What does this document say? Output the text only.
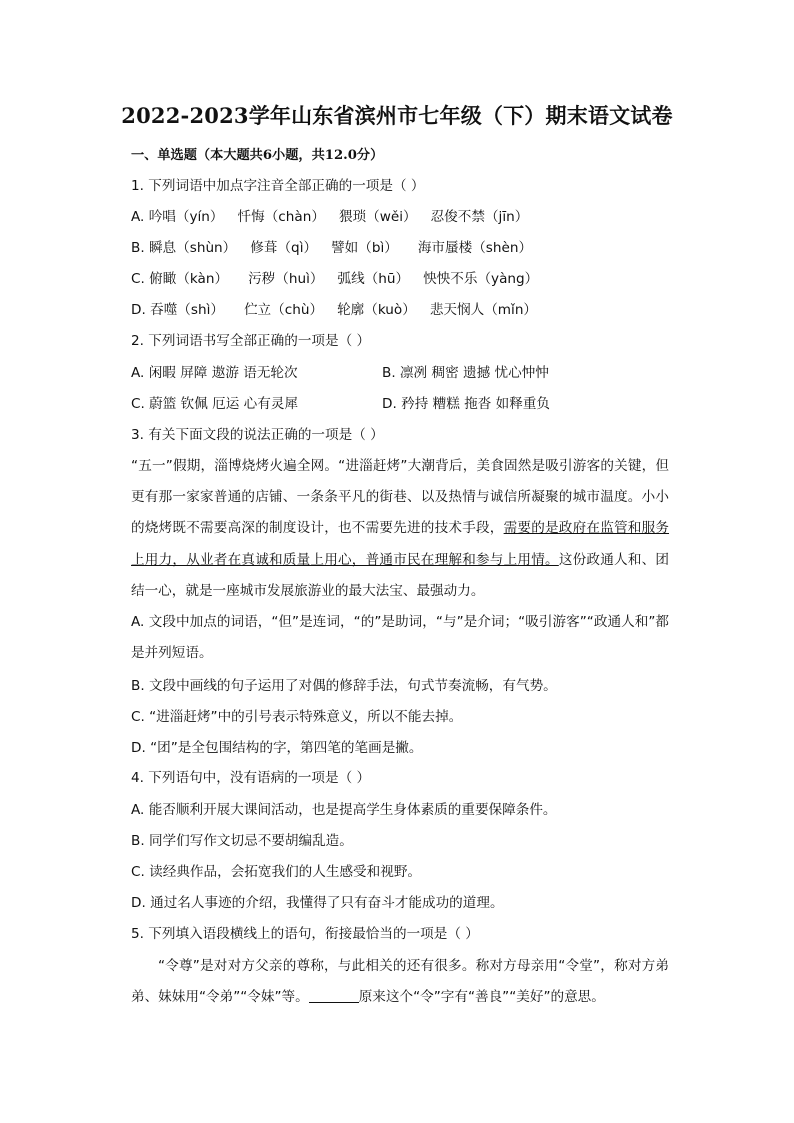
2022-2023学年山东省滨州市七年级（下）期末语文试卷
一、单选题（本大题共6小题，共12.0分）
1. 下列词语中加点字注音全部正确的一项是（ ）
A. 吟唱（yín） 忏悔（chàn） 猥琐（wěi） 忍俊不禁（jīn）
B. 瞬息（shùn） 修葺（qì） 譬如（bì） 海市蜃楼（shèn）
C. 俯瞰（kàn） 污秽（huì） 弧线（hū） 怏怏不乐（yàng）
D. 吞噬（shì） 伫立（chù） 轮廓（kuò） 悲天悯人（mǐn）
2. 下列词语书写全部正确的一项是（ ）
A. 闲暇 屏障 遨游 语无轮次	B. 凛冽 稠密 遗撼 忧心忡忡
C. 蔚篮 钦佩 厄运 心有灵犀	D. 矜持 糟糕 拖沓 如释重负
3. 有关下面文段的说法正确的一项是（ ）
“五一”假期，淄博烧烤火遍全网。“进淄赶烤”大潮背后，美食固然是吸引游客的关键，但更有那一家家普通的店铺、一条条平凡的街巷、以及热情与诚信所凝聚的城市温度。小小的烧烤既不需要高深的制度设计，也不需要先进的技术手段，需要的是政府在监管和服务上用力，从业者在真诚和质量上用心，普通市民在理解和参与上用情。这份政通人和、团结一心，就是一座城市发展旅游业的最大法宝、最强动力。
A. 文段中加点的词语，“但”是连词，“的”是助词，“与”是介词；“吸引游客”“政通人和”都是并列短语。
B. 文段中画线的句子运用了对偶的修辞手法，句式节奏流畅，有气势。
C. “进淄赶烤”中的引号表示特殊意义，所以不能去掉。
D. “团”是全包围结构的字，第四笔的笔画是撇。
4. 下列语句中，没有语病的一项是（ ）
A. 能否顺利开展大课间活动，也是提高学生身体素质的重要保障条件。
B. 同学们写作文切忌不要胡编乱造。
C. 读经典作品，会拓宽我们的人生感受和视野。
D. 通过名人事迹的介绍，我懂得了只有奋斗才能成功的道理。
5. 下列填入语段横线上的语句，衔接最恰当的一项是（ ）
“令尊”是对对方父亲的尊称，与此相关的还有很多。称对方母亲用“令堂”，称对方弟弟、妹妹用“令弟”“令妹”等。	原来这个“令”字有“善良”“美好”的意思。
